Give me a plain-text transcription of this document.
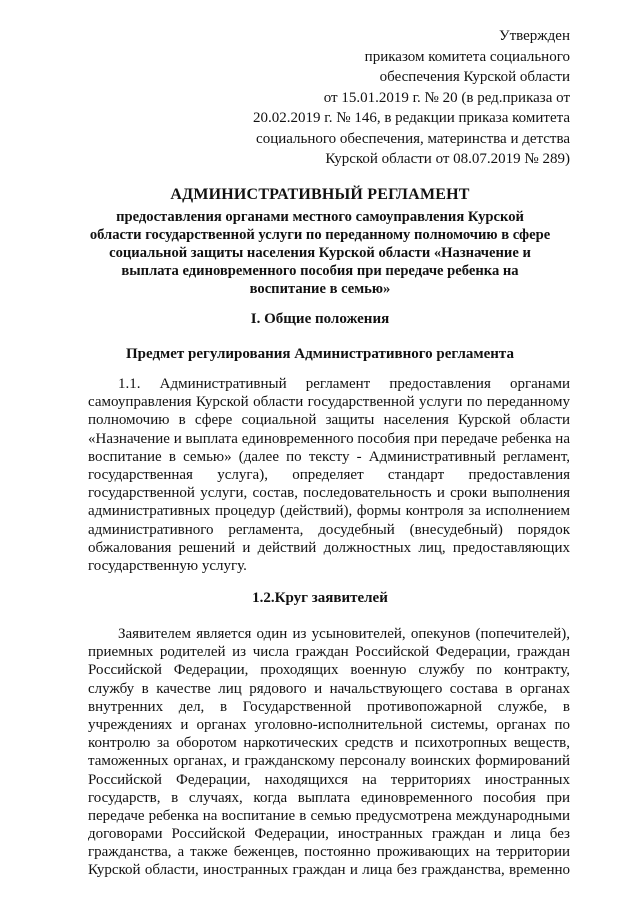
Утвержден
приказом комитета социального
обеспечения Курской области
от 15.01.2019 г. № 20 (в ред.приказа от
20.02.2019 г. № 146, в редакции приказа комитета
социального обеспечения, материнства и детства
Курской области от 08.07.2019 № 289)
АДМИНИСТРАТИВНЫЙ РЕГЛАМЕНТ
предоставления органами местного самоуправления Курской
области государственной услуги по переданному полномочию в сфере
социальной защиты населения Курской области «Назначение и
выплата единовременного пособия при передаче ребенка на
воспитание в семью»
I. Общие положения
Предмет регулирования Административного регламента
1.1. Административный регламент предоставления органами
самоуправления Курской области государственной услуги по переданному
полномочию в сфере социальной защиты населения Курской области
«Назначение и выплата единовременного пособия при передаче ребенка на
воспитание в семью» (далее по тексту - Административный регламент,
государственная услуга), определяет стандарт предоставления
государственной услуги, состав, последовательность и сроки выполнения
административных процедур (действий), формы контроля за исполнением
административного регламента, досудебный (внесудебный) порядок
обжалования решений и действий должностных лиц, предоставляющих
государственную услугу.
1.2.Круг заявителей
Заявителем является один из усыновителей, опекунов (попечителей),
приемных родителей из числа граждан Российской Федерации, граждан
Российской Федерации, проходящих военную службу по контракту,
службу в качестве лиц рядового и начальствующего состава в органах
внутренних дел, в Государственной противопожарной службе, в
учреждениях и органах уголовно-исполнительной системы, органах по
контролю за оборотом наркотических средств и психотропных веществ,
таможенных органах, и гражданскому персоналу воинских формирований
Российской Федерации, находящихся на территориях иностранных
государств, в случаях, когда выплата единовременного пособия при
передаче ребенка на воспитание в семью предусмотрена международными
договорами Российской Федерации, иностранных граждан и лица без
гражданства, а также беженцев, постоянно проживающих на территории
Курской области, иностранных граждан и лица без гражданства, временно
